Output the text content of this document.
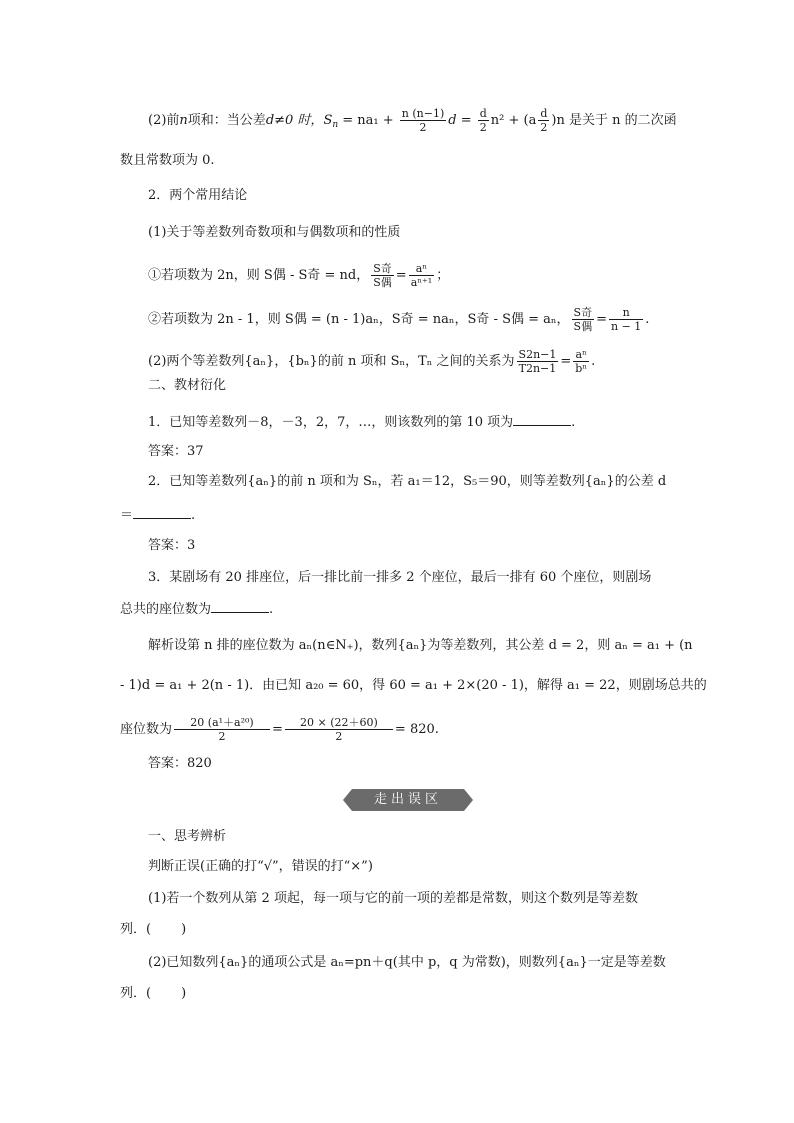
(2)前n项和：当公差d≠0 时，$S_n = na_1 + \frac{n (n-1)}{2}$ $d = \frac{d}{2} n^2 + (a \frac{d}{2} )n$ 是关于 n 的二次函
数且常数项为 0.
2．两个常用结论
(1)关于等差数列奇数项和与偶数项和的性质
①若项数为 2n，则 S偶 - S奇 = nd， $\frac{\text{S奇}}{\text{S偶}} = \frac{\text{aⁿ}}{\text{aⁿ⁺¹}}$ ；
②若项数为 2n - 1，则 S偶 = (n - 1)aₙ，S奇 = naₙ，S奇 - S偶 = aₙ， $\frac{\text{S奇}}{\text{S偶}} = \frac{n}{n - 1}$ .
(2)两个等差数列{aₙ}，{bₙ}的前 n 项和 Sₙ，Tₙ 之间的关系为 $\frac{S2n-1}{T2n-1} = \frac{\text{aⁿ}}{\text{bⁿ}}$ .
二、教材衍化
1．已知等差数列－8，－3，2，7，…，则该数列的第 10 项为	.
答案：37
2．已知等差数列{aₙ}的前 n 项和为 Sₙ，若 a₁＝12，S₅＝90，则等差数列{aₙ}的公差 d
＝	.
答案：3
3．某剧场有 20 排座位，后一排比前一排多 2 个座位，最后一排有 60 个座位，则剧场
总共的座位数为	.
解析设第 n 排的座位数为 aₙ(n∈N₊)，数列{aₙ}为等差数列，其公差 d = 2，则 aₙ = a₁ + (n
- 1)d = a₁ + 2(n - 1)．由已知 a₂₀ = 60，得 60 = a₁ + 2×(20 - 1)，解得 a₁ = 22，则剧场总共的
座位数为 $\frac{\text{20 (a¹＋a²⁰)}}{2} = \frac{20 \times (22+60)}{2} = 820$.
答案：820
走出误区
一、思考辨析
判断正误(正确的打“√”，错误的打“×”)
(1)若一个数列从第 2 项起，每一项与它的前一项的差都是常数，则这个数列是等差数
列．( )
(2)已知数列{aₙ}的通项公式是 aₙ=pn＋q(其中 p，q 为常数)，则数列{aₙ}一定是等差数
列．( )
